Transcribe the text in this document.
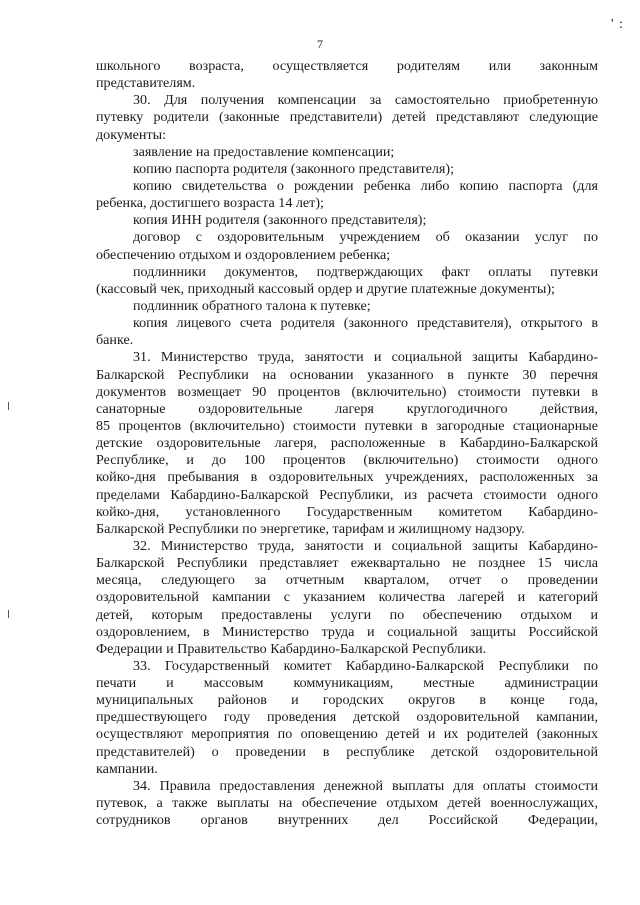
7
' :
школьного возраста, осуществляется родителям или законным
представителям.
30. Для получения компенсации за самостоятельно приобретенную
путевку родители (законные представители) детей представляют следующие
документы:
заявление на предоставление компенсации;
копию паспорта родителя (законного представителя);
копию свидетельства о рождении ребенка либо копию паспорта (для
ребенка, достигшего возраста 14 лет);
копия ИНН родителя (законного представителя);
договор с оздоровительным учреждением об оказании услуг по
обеспечению отдыхом и оздоровлением ребенка;
подлинники документов, подтверждающих факт оплаты путевки
(кассовый чек, приходный кассовый ордер и другие платежные документы);
подлинник обратного талона к путевке;
копия лицевого счета родителя (законного представителя), открытого в
банке.
31. Министерство труда, занятости и социальной защиты Кабардино-
Балкарской Республики на основании указанного в пункте 30 перечня
документов возмещает 90 процентов (включительно) стоимости путевки в
санаторные оздоровительные лагеря круглогодичного действия,
85 процентов (включительно) стоимости путевки в загородные стационарные
детские оздоровительные лагеря, расположенные в Кабардино-Балкарской
Республике, и до 100 процентов (включительно) стоимости одного
койко-дня пребывания в оздоровительных учреждениях, расположенных за
пределами Кабардино-Балкарской Республики, из расчета стоимости одного
койко-дня, установленного Государственным комитетом Кабардино-
Балкарской Республики по энергетике, тарифам и жилищному надзору.
32. Министерство труда, занятости и социальной защиты Кабардино-
Балкарской Республики представляет ежеквартально не позднее 15 числа
месяца, следующего за отчетным кварталом, отчет о проведении
оздоровительной кампании с указанием количества лагерей и категорий
детей, которым предоставлены услуги по обеспечению отдыхом и
оздоровлением, в Министерство труда и социальной защиты Российской
Федерации и Правительство Кабардино-Балкарской Республики.
33. Государственный комитет Кабардино-Балкарской Республики по
печати и массовым коммуникациям, местные администрации
муниципальных районов и городских округов в конце года,
предшествующего году проведения детской оздоровительной кампании,
осуществляют мероприятия по оповещению детей и их родителей (законных
представителей) о проведении в республике детской оздоровительной
кампании.
34. Правила предоставления денежной выплаты для оплаты стоимости
путевок, а также выплаты на обеспечение отдыхом детей военнослужащих,
сотрудников органов внутренних дел Российской Федерации,
